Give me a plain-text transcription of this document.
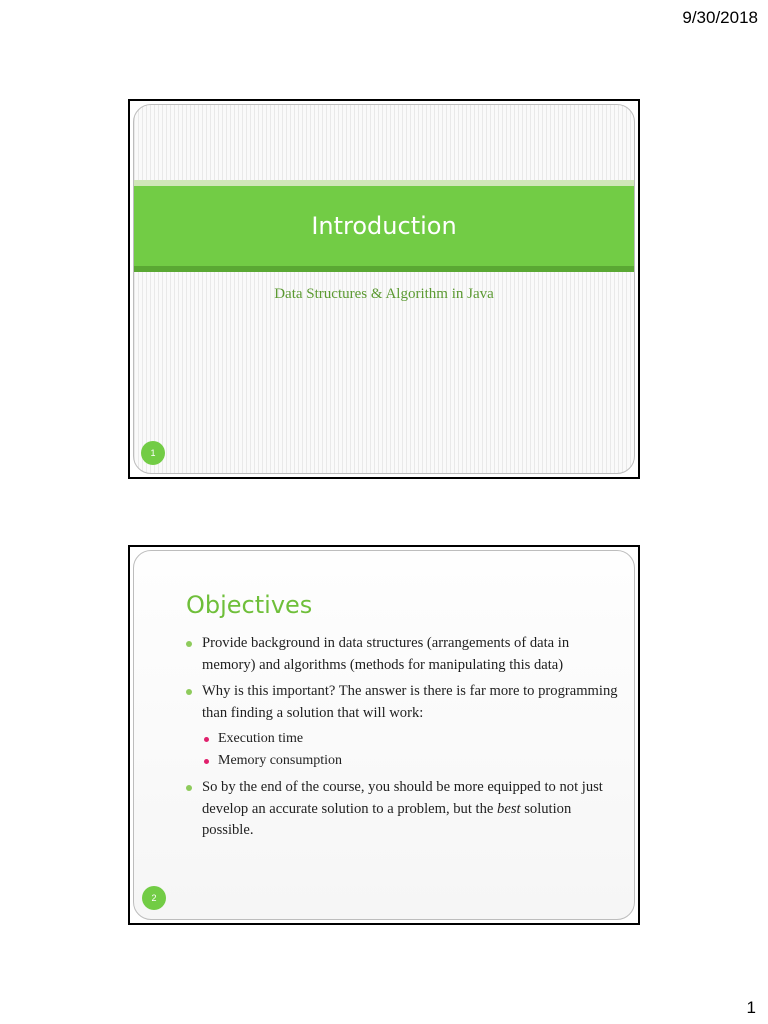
9/30/2018
Introduction
Data Structures & Algorithm in Java
1
Objectives
Provide background in data structures (arrangements of data in memory) and algorithms (methods for manipulating this data)
Why is this important? The answer is there is far more to programming than finding a solution that will work:
Execution time
Memory consumption
So by the end of the course, you should be more equipped to not just develop an accurate solution to a problem, but the best solution possible.
2
1
